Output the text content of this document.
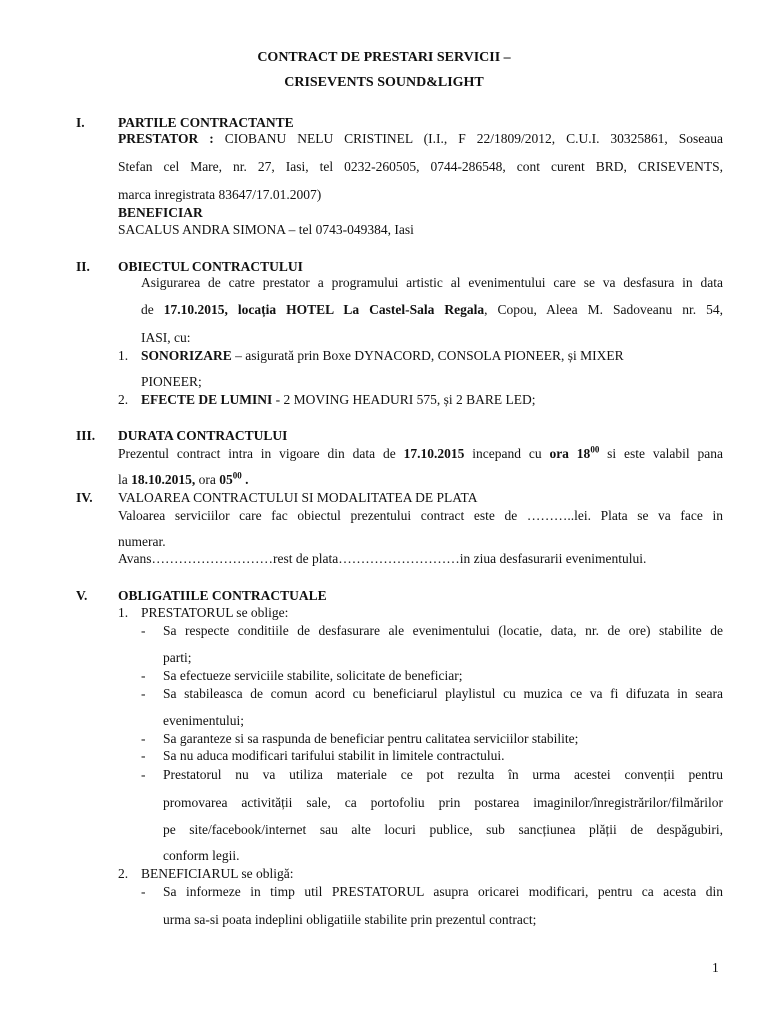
CONTRACT DE PRESTARI SERVICII –
CRISEVENTS SOUND&LIGHT
I. PARTILE CONTRACTANTE
PRESTATOR : CIOBANU NELU CRISTINEL (I.I., F 22/1809/2012, C.U.I. 30325861, Soseaua
Stefan cel Mare, nr. 27, Iasi, tel 0232-260505, 0744-286548, cont curent BRD, CRISEVENTS,
marca inregistrata 83647/17.01.2007)
BENEFICIAR
SACALUS ANDRA SIMONA – tel 0743-049384, Iasi
II. OBIECTUL CONTRACTULUI
Asigurarea de catre prestator a programului artistic al evenimentului care se va desfasura in data
de 17.10.2015, locația HOTEL La Castel-Sala Regala, Copou, Aleea M. Sadoveanu nr. 54,
IASI, cu:
1. SONORIZARE – asigurată prin Boxe DYNACORD, CONSOLA PIONEER, și MIXER
PIONEER;
2. EFECTE DE LUMINI - 2 MOVING HEADURI 575, și 2 BARE LED;
III. DURATA CONTRACTULUI
Prezentul contract intra in vigoare din data de 17.10.2015 incepand cu ora $18^{00}$ si este valabil pana
la 18.10.2015, ora $05^{00}$ .
IV. VALOAREA CONTRACTULUI SI MODALITATEA DE PLATA
Valoarea serviciilor care fac obiectul prezentului contract este de ………..lei. Plata se va face in
numerar.
Avans………………………rest de plata………………………in ziua desfasurarii evenimentului.
V. OBLIGATIILE CONTRACTUALE
1. PRESTATORUL se oblige:
- Sa respecte conditiile de desfasurare ale evenimentului (locatie, data, nr. de ore) stabilite de
parti;
- Sa efectueze serviciile stabilite, solicitate de beneficiar;
- Sa stabileasca de comun acord cu beneficiarul playlistul cu muzica ce va fi difuzata in seara
evenimentului;
- Sa garanteze si sa raspunda de beneficiar pentru calitatea serviciilor stabilite;
- Sa nu aduca modificari tarifului stabilit in limitele contractului.
- Prestatorul nu va utiliza materiale ce pot rezulta în urma acestei convenții pentru
promovarea activității sale, ca portofoliu prin postarea imaginilor/înregistrărilor/filmărilor
pe site/facebook/internet sau alte locuri publice, sub sancțiunea plății de despăgubiri,
conform legii.
2. BENEFICIARUL se obligă:
- Sa informeze in timp util PRESTATORUL asupra oricarei modificari, pentru ca acesta din
urma sa-si poata indeplini obligatiile stabilite prin prezentul contract;
1
